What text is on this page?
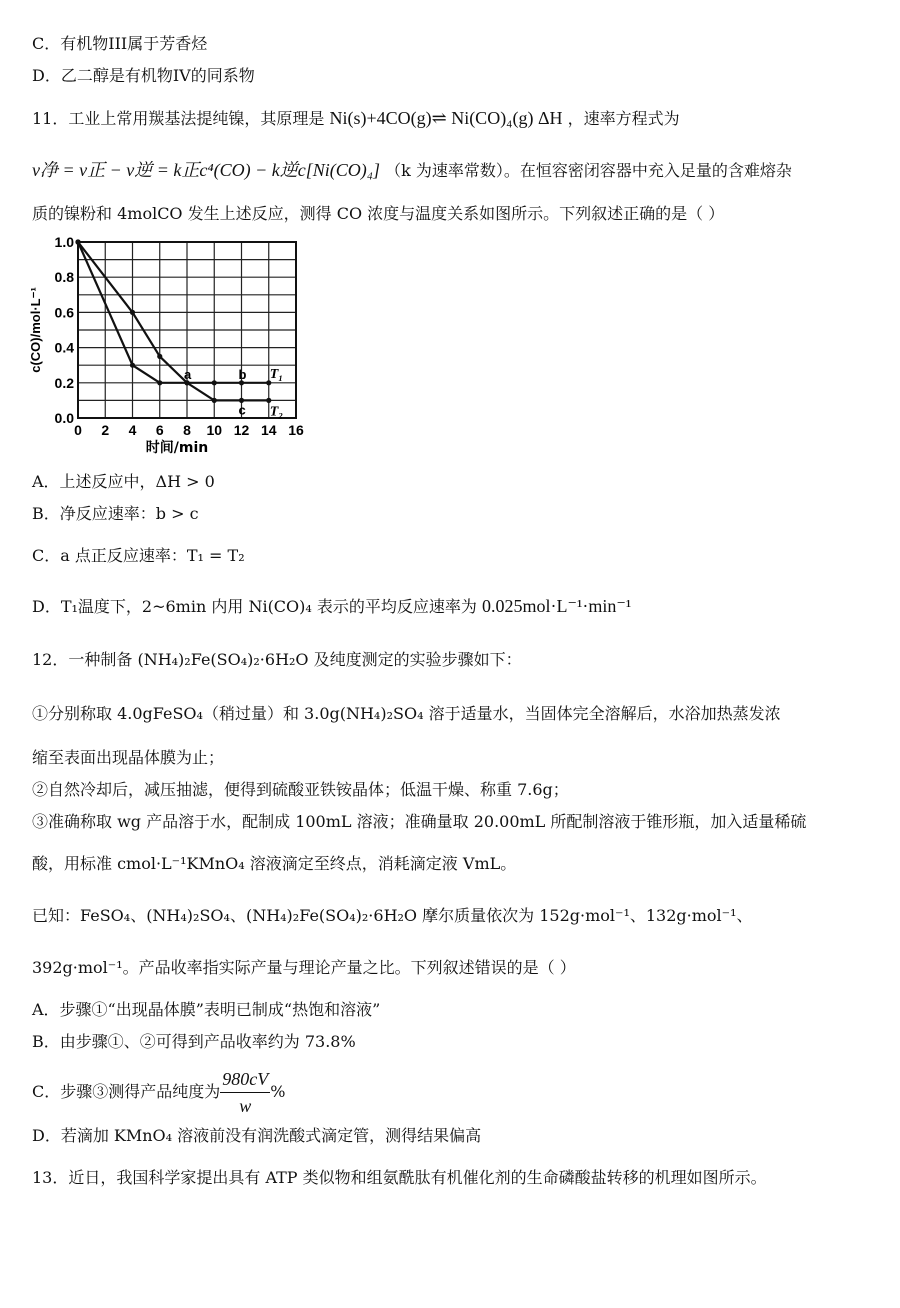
C．有机物III属于芳香烃
D．乙二醇是有机物IV的同系物
11．工业上常用羰基法提纯镍，其原理是 Ni(s)+4CO(g)⇌ Ni(CO)₄(g) ΔH ，速率方程式为
v净 = v正 − v逆 = k正c⁴(CO) − k逆c[Ni(CO)₄] （k 为速率常数）。在恒容密闭容器中充入足量的含难熔杂
质的镍粉和 4molCO 发生上述反应，测得 CO 浓度与温度关系如图所示。下列叙述正确的是（ ）
0 2 4 6 8 10 12 14 16
0.0
0.2
0.4
0.6
0.8
1.0
时间/min
c(CO)/mol·L⁻¹
T₁
T₂
a	b
c
A．上述反应中，ΔH > 0
B．净反应速率：b > c
C．a 点正反应速率：T₁ = T₂
D．T₁温度下，2~6min 内用 Ni(CO)₄ 表示的平均反应速率为 0.025mol·L⁻¹·min⁻¹
12．一种制备 (NH₄)₂Fe(SO₄)₂·6H₂O 及纯度测定的实验步骤如下：
①分别称取 4.0gFeSO₄（稍过量）和 3.0g(NH₄)₂SO₄ 溶于适量水，当固体完全溶解后，水浴加热蒸发浓
缩至表面出现晶体膜为止；
②自然冷却后，减压抽滤，便得到硫酸亚铁铵晶体；低温干燥、称重 7.6g；
③准确称取 wg 产品溶于水，配制成 100mL 溶液；准确量取 20.00mL 所配制溶液于锥形瓶，加入适量稀硫
酸，用标准 cmol·L⁻¹KMnO₄ 溶液滴定至终点，消耗滴定液 VmL。
已知：FeSO₄、(NH₄)₂SO₄、(NH₄)₂Fe(SO₄)₂·6H₂O 摩尔质量依次为 152g·mol⁻¹、132g·mol⁻¹、
392g·mol⁻¹。产品收率指实际产量与理论产量之比。下列叙述错误的是（ ）
A．步骤①“出现晶体膜”表明已制成“热饱和溶液”
B．由步骤①、②可得到产品收率约为 73.8%
C．步骤③测得产品纯度为 $\frac{980cV}{w}$ %
D．若滴加 KMnO₄ 溶液前没有润洗酸式滴定管，测得结果偏高
13．近日，我国科学家提出具有 ATP 类似物和组氨酰肽有机催化剂的生命磷酸盐转移的机理如图所示。
